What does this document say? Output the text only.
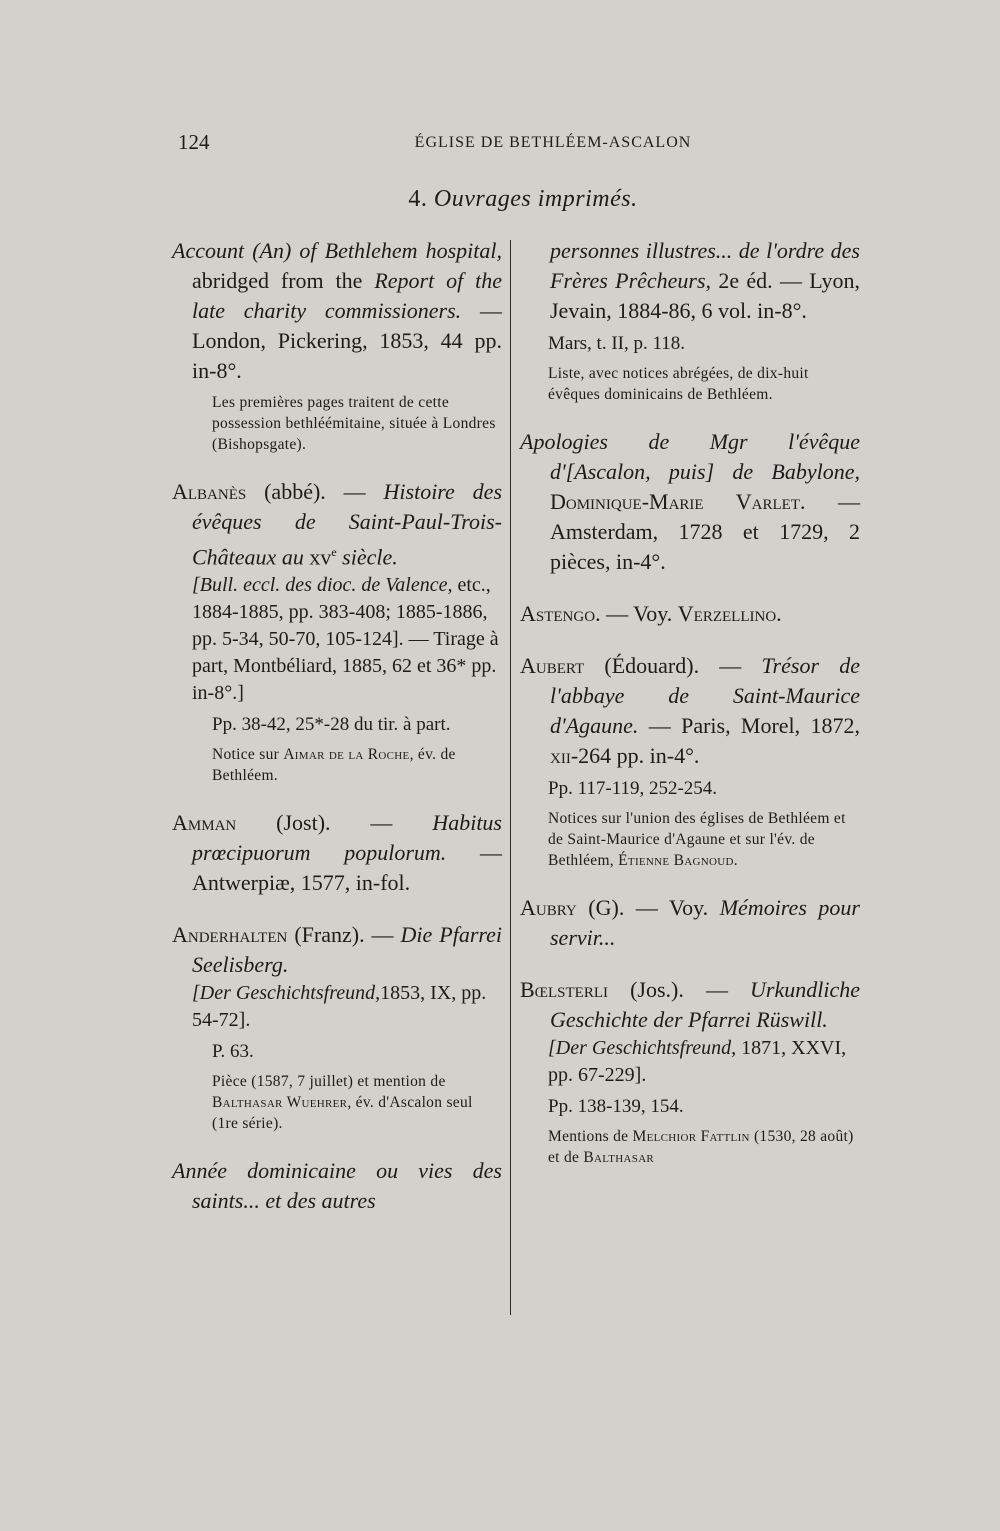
124	ÉGLISE DE BETHLÉEM-ASCALON
4. Ouvrages imprimés.
Account (An) of Bethlehem hospital, abridged from the Report of the late charity commissioners. — London, Pickering, 1853, 44 pp. in-8°.
Les premières pages traitent de cette possession bethléémitaine, située à Londres (Bishopsgate).
Albanès (abbé). — Histoire des évêques de Saint-Paul-Trois-Châteaux au $xv^e$ siècle.
[Bull. eccl. des dioc. de Valence, etc., 1884-1885, pp. 383-408; 1885-1886, pp. 5-34, 50-70, 105-124]. — Tirage à part, Montbéliard, 1885, 62 et 36* pp. in-8°.]
Pp. 38-42, 25*-28 du tir. à part.
Notice sur Aimar de la Roche, év. de Bethléem.
Amman (Jost). — Habitus prœcipuorum populorum. — Antwerpiæ, 1577, in-fol.
Anderhalten (Franz). — Die Pfarrei Seelisberg.
[Der Geschichtsfreund,1853, IX, pp. 54-72].
P. 63.
Pièce (1587, 7 juillet) et mention de Balthasar Wuehrer, év. d'Ascalon seul (1re série).
Année dominicaine ou vies des saints... et des autres
personnes illustres... de l'ordre des Frères Prêcheurs, 2e éd. — Lyon, Jevain, 1884-86, 6 vol. in-8°.
Mars, t. II, p. 118.
Liste, avec notices abrégées, de dix-huit évêques dominicains de Bethléem.
Apologies de Mgr l'évêque d'[Ascalon, puis] de Babylone, Dominique-Marie Varlet. — Amsterdam, 1728 et 1729, 2 pièces, in-4°.
Astengo. — Voy. Verzellino.
Aubert (Édouard). — Trésor de l'abbaye de Saint-Maurice d'Agaune. — Paris, Morel, 1872, xii-264 pp. in-4°.
Pp. 117-119, 252-254.
Notices sur l'union des églises de Bethléem et de Saint-Maurice d'Agaune et sur l'év. de Bethléem, Étienne Bagnoud.
Aubry (G). — Voy. Mémoires pour servir...
Bœlsterli (Jos.). — Urkundliche Geschichte der Pfarrei Rüswill.
[Der Geschichtsfreund, 1871, XXVI, pp. 67-229].
Pp. 138-139, 154.
Mentions de Melchior Fattlin (1530, 28 août) et de Balthasar
